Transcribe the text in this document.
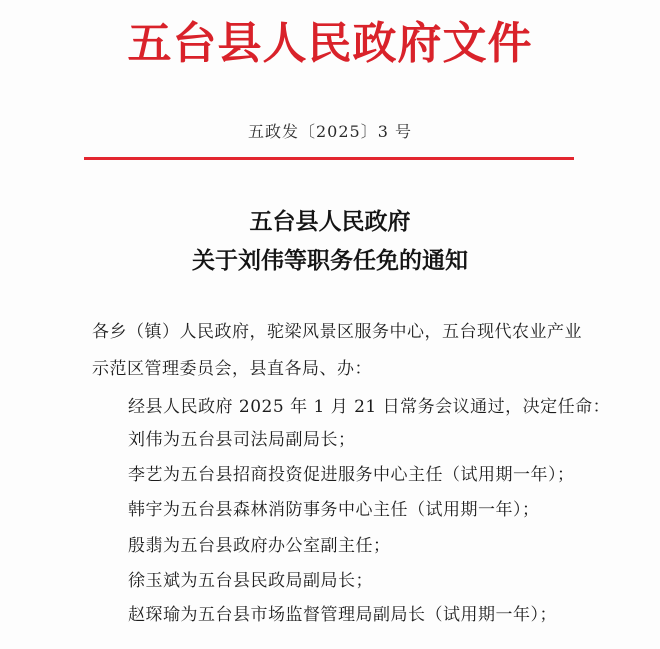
五台县人民政府文件
五政发〔2025〕3 号
五台县人民政府
关于刘伟等职务任免的通知
各乡（镇）人民政府，驼梁风景区服务中心，五台现代农业产业
示范区管理委员会，县直各局、办：
经县人民政府 2025 年 1 月 21 日常务会议通过，决定任命：
刘伟为五台县司法局副局长；
李艺为五台县招商投资促进服务中心主任（试用期一年）；
韩宇为五台县森林消防事务中心主任（试用期一年）；
殷翡为五台县政府办公室副主任；
徐玉斌为五台县民政局副局长；
赵琛瑜为五台县市场监督管理局副局长（试用期一年）；
